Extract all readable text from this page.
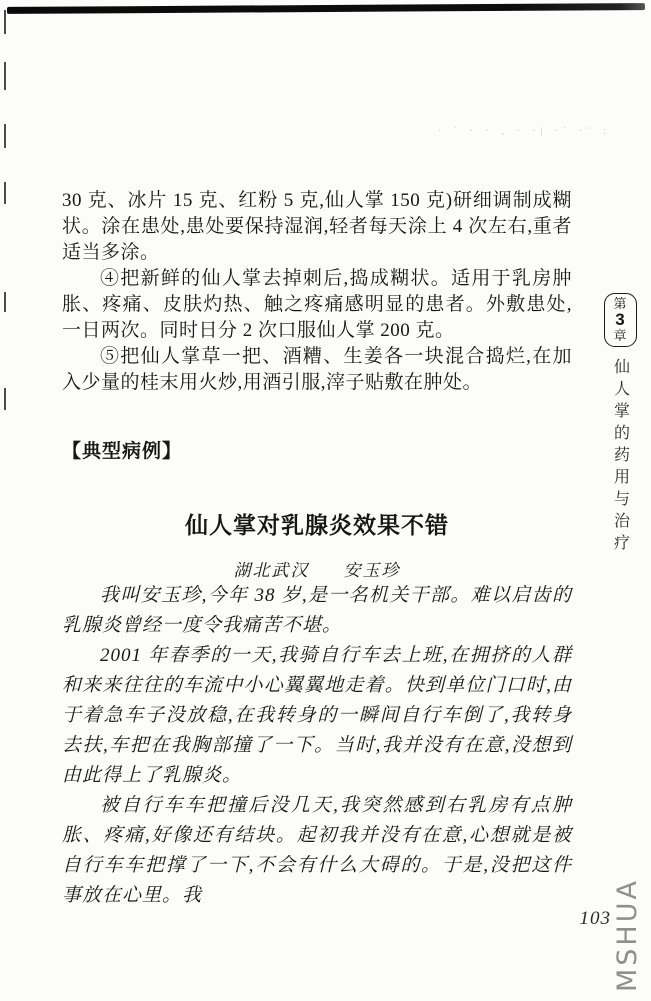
· ´ · · , · ·| ·˙ ·¨ :

30 克、冰片 15 克、红粉 5 克,仙人掌 150 克)研细调制成糊状。涂在患处,患处要保持湿润,轻者每天涂上 4 次左右,重者适当多涂。

④把新鲜的仙人掌去掉刺后,捣成糊状。适用于乳房肿胀、疼痛、皮肤灼热、触之疼痛感明显的患者。外敷患处,一日两次。同时日分 2 次口服仙人掌 200 克。

⑤把仙人掌草一把、酒糟、生姜各一块混合捣烂,在加入少量的桂末用火炒,用酒引服,滓子贴敷在肿处。

【典型病例】
仙人掌对乳腺炎效果不错
湖北武汉 安玉珍

我叫安玉珍,今年 38 岁,是一名机关干部。难以启齿的乳腺炎曾经一度令我痛苦不堪。

2001 年春季的一天,我骑自行车去上班,在拥挤的人群和来来往往的车流中小心翼翼地走着。快到单位门口时,由于着急车子没放稳,在我转身的一瞬间自行车倒了,我转身去扶,车把在我胸部撞了一下。当时,我并没有在意,没想到由此得上了乳腺炎。

被自行车车把撞后没几天,我突然感到右乳房有点肿胀、疼痛,好像还有结块。起初我并没有在意,心想就是被自行车车把撑了一下,不会有什么大碍的。于是,没把这件事放在心里。我

第
3
章
仙人掌的药用与治疗
103 MSHUA
